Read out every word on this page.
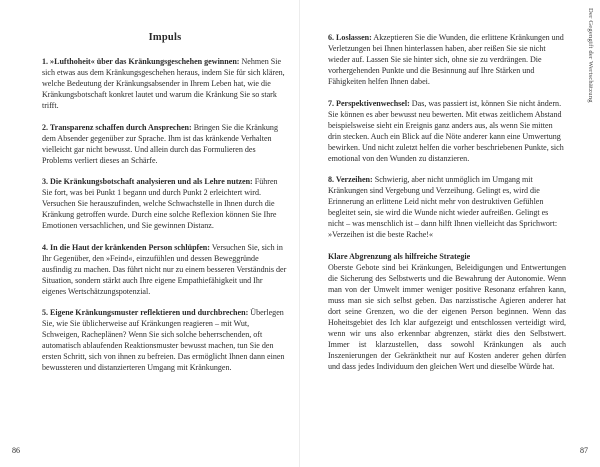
Impuls

1. »Lufthoheit« über das Kränkungsgeschehen gewinnen: Nehmen Sie sich etwas aus dem Kränkungsgeschehen heraus, indem Sie für sich klären, welche Bedeutung der Kränkungsabsender in Ihrem Leben hat, wie die Kränkungsbotschaft konkret lautet und warum die Kränkung Sie so stark trifft.

2. Transparenz schaffen durch Ansprechen: Bringen Sie die Kränkung dem Absender gegenüber zur Sprache. Ihm ist das kränkende Verhalten vielleicht gar nicht bewusst. Und allein durch das Formulieren des Problems verliert dieses an Schärfe.

3. Die Kränkungsbotschaft analysieren und als Lehre nutzen: Führen Sie fort, was bei Punkt 1 begann und durch Punkt 2 erleichtert wird. Versuchen Sie herauszufinden, welche Schwachstelle in Ihnen durch die Kränkung getroffen wurde. Durch eine solche Reflexion können Sie Ihre Emotionen versachlichen, und Sie gewinnen Distanz.

4. In die Haut der kränkenden Person schlüpfen: Versuchen Sie, sich in Ihr Gegenüber, den »Feind«, einzufühlen und dessen Beweggründe ausfindig zu machen. Das führt nicht nur zu einem besseren Verständnis der Situation, sondern stärkt auch Ihre eigene Empathiefähigkeit und Ihr eigenes Wertschätzungspotenzial.

5. Eigene Kränkungsmuster reflektieren und durchbrechen: Überlegen Sie, wie Sie üblicherweise auf Kränkungen reagieren – mit Wut, Schweigen, Racheplänen? Wenn Sie sich solche beherrschenden, oft automatisch ablaufenden Reaktionsmuster bewusst machen, tun Sie den ersten Schritt, sich von ihnen zu befreien. Das ermöglicht Ihnen dann einen bewussteren und distanzierteren Umgang mit Kränkungen.

86

6. Loslassen: Akzeptieren Sie die Wunden, die erlittene Kränkungen und Verletzungen bei Ihnen hinterlassen haben, aber reißen Sie sie nicht wieder auf. Lassen Sie sie hinter sich, ohne sie zu verdrängen. Die vorhergehenden Punkte und die Besinnung auf Ihre Stärken und Fähigkeiten helfen Ihnen dabei.

7. Perspektivenwechsel: Das, was passiert ist, können Sie nicht ändern. Sie können es aber bewusst neu bewerten. Mit etwas zeitlichem Abstand beispielsweise sieht ein Ereignis ganz anders aus, als wenn Sie mitten drin stecken. Auch ein Blick auf die Nöte anderer kann eine Umwertung bewirken. Und nicht zuletzt helfen die vorher beschriebenen Punkte, sich emotional von den Wunden zu distanzieren.

8. Verzeihen: Schwierig, aber nicht unmöglich im Umgang mit Kränkungen sind Vergebung und Verzeihung. Gelingt es, wird die Erinnerung an erlittene Leid nicht mehr von destruktiven Gefühlen begleitet sein, sie wird die Wunde nicht wieder aufreißen. Gelingt es nicht – was menschlich ist – dann hilft Ihnen vielleicht das Sprichwort: »Verzeihen ist die beste Rache!«

Klare Abgrenzung als hilfreiche Strategie

Oberste Gebote sind bei Kränkungen, Beleidigungen und Entwertungen die Sicherung des Selbstwerts und die Bewahrung der Autonomie. Wenn man von der Umwelt immer weniger positive Resonanz erfahren kann, muss man sie sich selbst geben. Das narzisstische Agieren anderer hat dort seine Grenzen, wo die der eigenen Person beginnen. Wenn das Hoheitsgebiet des Ich klar aufgezeigt und entschlossen verteidigt wird, wenn wir uns also erkennbar abgrenzen, stärkt dies den Selbstwert. Immer ist klarzustellen, dass sowohl Kränkungen als auch Inszenierungen der Gekränktheit nur auf Kosten anderer gehen dürfen und dass jedes Individuum den gleichen Wert und dieselbe Würde hat.

Der Gegengift der Wertschätzung
87
